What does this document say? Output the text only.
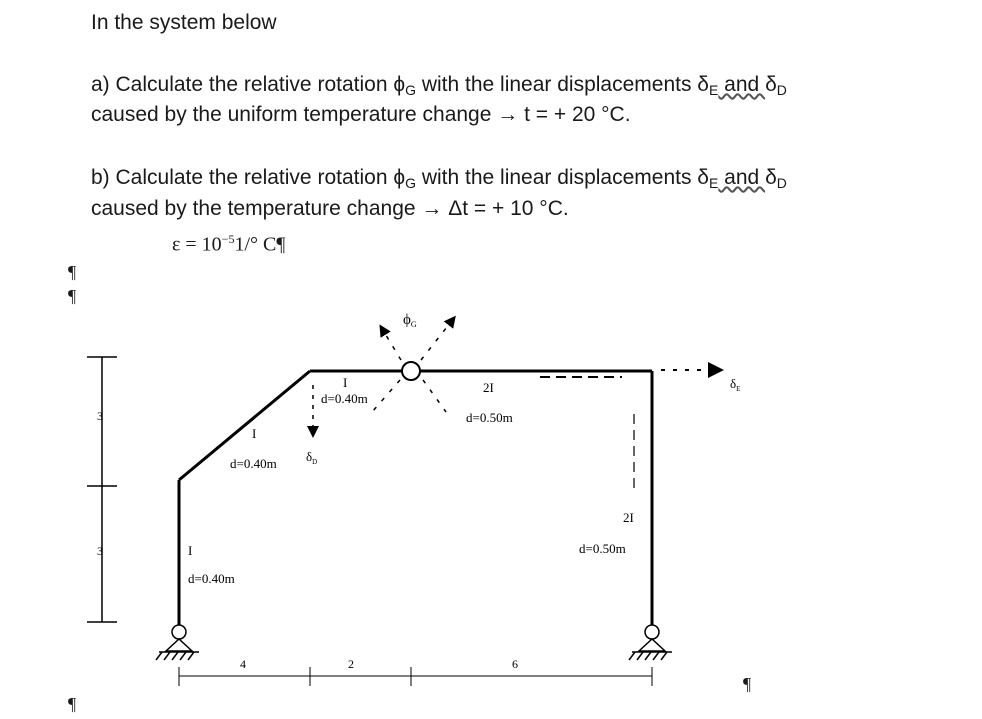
In the system below
a) Calculate the relative rotation $\phi_G$ with the linear displacements $\delta_E$ and $\delta_D$
caused by the uniform temperature change → t = + 20 °C.
b) Calculate the relative rotation $\phi_G$ with the linear displacements $\delta_E$ and $\delta_D$
caused by the temperature change → Δt = + 10 °C.
$\varepsilon = 10^{-5}1/^\circ$ C¶
¶
¶
¶
¶
3
3
4	2	6
$\phi_G$
$\delta_D$
$\delta_E$
I
d=0.40m
I
d=0.40m
I
d=0.40m
2I
d=0.50m
2I
d=0.50m
